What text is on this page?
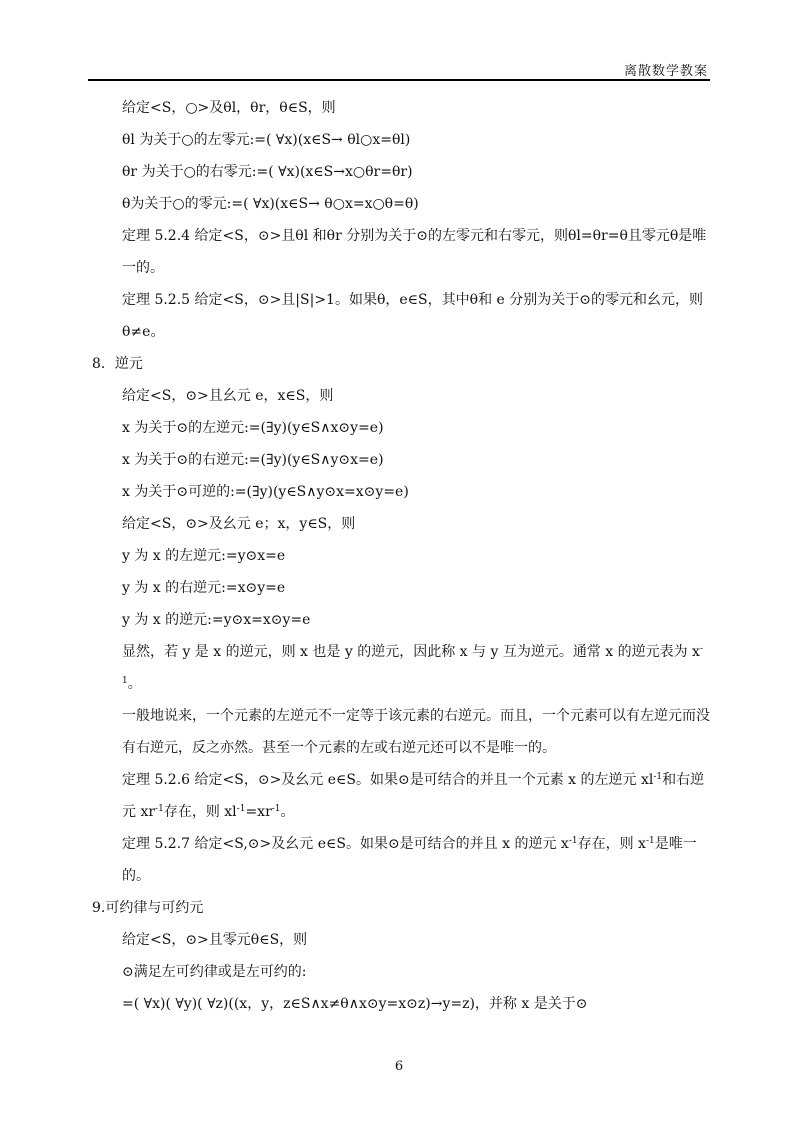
离散数学教案
给定<S，○>及θl，θr，θ∈S，则
θl 为关于○的左零元:=( ∀x)(x∈S→ θl○x=θl)
θr 为关于○的右零元:=( ∀x)(x∈S→x○θr=θr)
θ为关于○的零元:=( ∀x)(x∈S→ θ○x=x○θ=θ)
定理 5.2.4 给定<S，⊙>且θl 和θr 分别为关于⊙的左零元和右零元，则θl=θr=θ且零元θ是唯一的。
定理 5.2.5 给定<S，⊙>且|S|>1。如果θ，e∈S，其中θ和 e 分别为关于⊙的零元和幺元，则θ≠e。
8．逆元
给定<S，⊙>且幺元 e，x∈S，则
x 为关于⊙的左逆元:=(∃y)(y∈S∧x⊙y=e)
x 为关于⊙的右逆元:=(∃y)(y∈S∧y⊙x=e)
x 为关于⊙可逆的:=(∃y)(y∈S∧y⊙x=x⊙y=e)
给定<S，⊙>及幺元 e；x，y∈S，则
y 为 x 的左逆元:=y⊙x=e
y 为 x 的右逆元:=x⊙y=e
y 为 x 的逆元:=y⊙x=x⊙y=e
显然，若 y 是 x 的逆元，则 x 也是 y 的逆元，因此称 x 与 y 互为逆元。通常 x 的逆元表为 $x^{-1}$。
一般地说来，一个元素的左逆元不一定等于该元素的右逆元。而且，一个元素可以有左逆元而没有右逆元，反之亦然。甚至一个元素的左或右逆元还可以不是唯一的。
定理 5.2.6 给定<S，⊙>及幺元 e∈S。如果⊙是可结合的并且一个元素 x 的左逆元 $xl^{-1}$和右逆元 $xr^{-1}$存在，则 $xl^{-1}=xr^{-1}$。
定理 5.2.7 给定<S,⊙>及幺元 e∈S。如果⊙是可结合的并且 x 的逆元 $x^{-1}$存在，则 $x^{-1}$是唯一的。
9.可约律与可约元
给定<S，⊙>且零元θ∈S，则
⊙满足左可约律或是左可约的:
=( ∀x)( ∀y)( ∀z)((x，y，z∈S∧x≠θ∧x⊙y=x⊙z)→y=z)，并称 x 是关于⊙
6
